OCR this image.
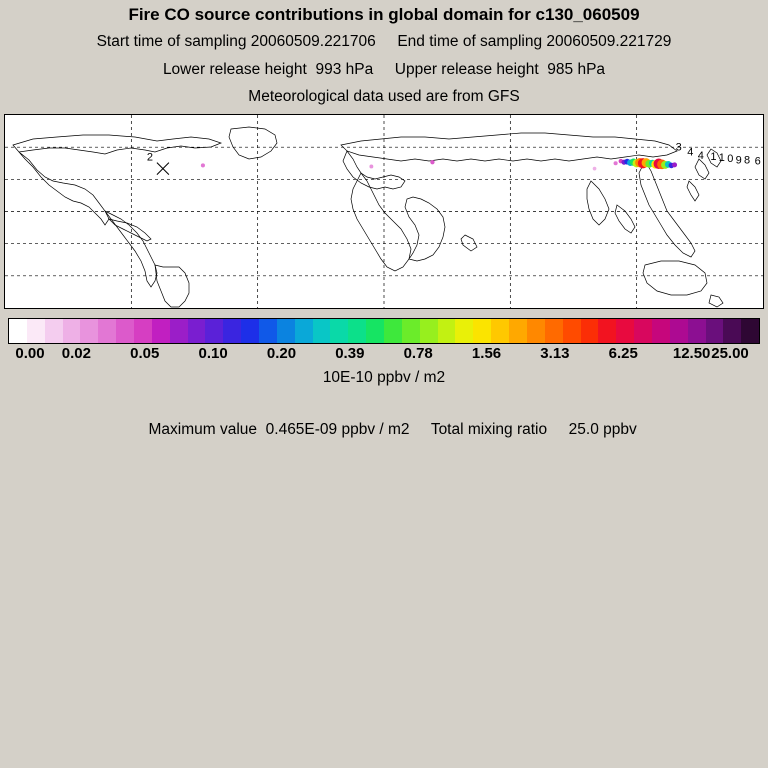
Fire CO source contributions in global domain for c130_060509
Start time of sampling 20060509.221706 End time of sampling 20060509.221729
Lower release height 993 hPa Upper release height 985 hPa
Meteorological data used are from GFS
3 4 4 1 1 0 9 8 6
2
0.00 0.02	0.05	0.10	0.20	0.39	0.78	1.56	3.13	6.25 12.50 25.00
10E-10 ppbv / m2

Maximum value 0.465E-09 ppbv / m2 Total mixing ratio 25.0 ppbv
